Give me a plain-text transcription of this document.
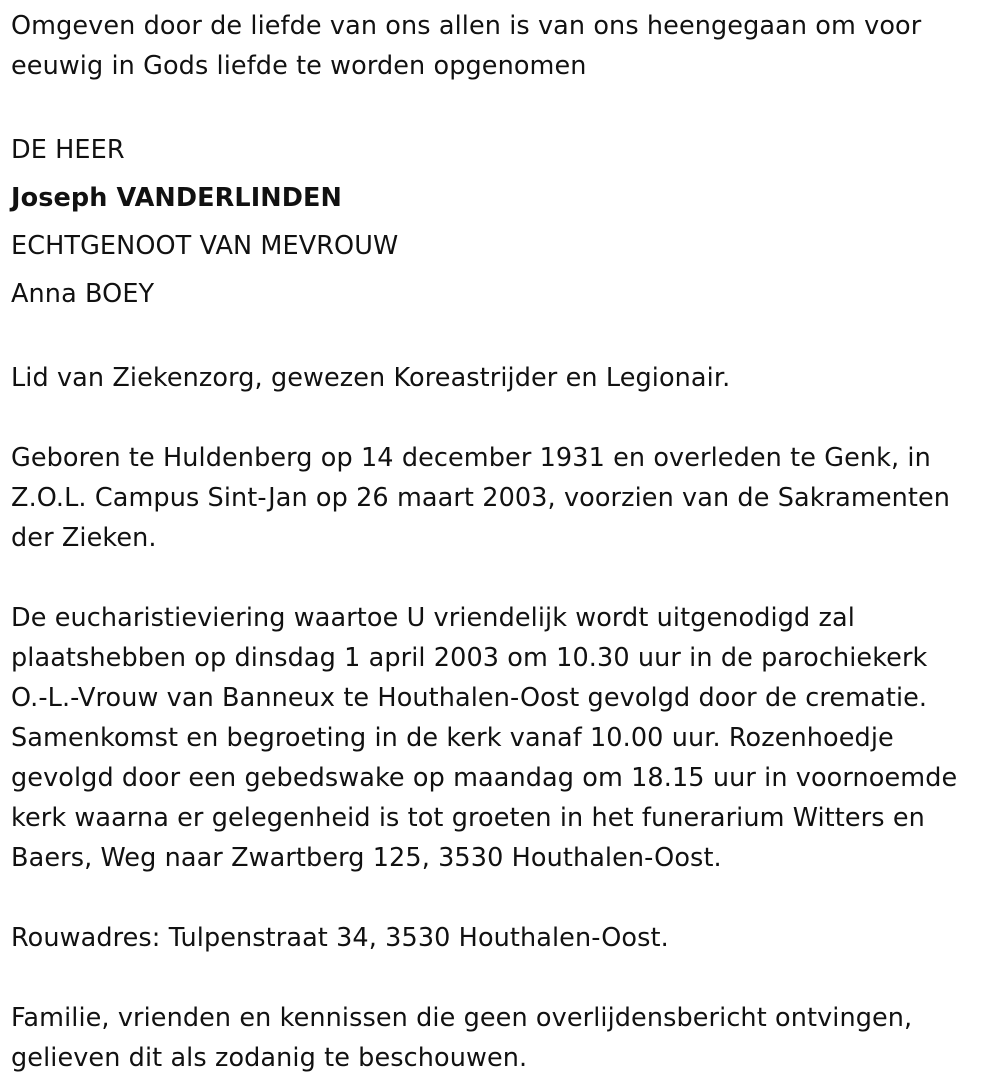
Omgeven door de liefde van ons allen is van ons heengegaan om voor
eeuwig in Gods liefde te worden opgenomen

DE HEER

Joseph VANDERLINDEN

ECHTGENOOT VAN MEVROUW

Anna BOEY

Lid van Ziekenzorg, gewezen Koreastrijder en Legionair.

Geboren te Huldenberg op 14 december 1931 en overleden te Genk, in
Z.O.L. Campus Sint-Jan op 26 maart 2003, voorzien van de Sakramenten
der Zieken.

De eucharistieviering waartoe U vriendelijk wordt uitgenodigd zal
plaatshebben op dinsdag 1 april 2003 om 10.30 uur in de parochiekerk
O.-L.-Vrouw van Banneux te Houthalen-Oost gevolgd door de crematie.
Samenkomst en begroeting in de kerk vanaf 10.00 uur. Rozenhoedje
gevolgd door een gebedswake op maandag om 18.15 uur in voornoemde
kerk waarna er gelegenheid is tot groeten in het funerarium Witters en
Baers, Weg naar Zwartberg 125, 3530 Houthalen-Oost.

Rouwadres: Tulpenstraat 34, 3530 Houthalen-Oost.

Familie, vrienden en kennissen die geen overlijdensbericht ontvingen,
gelieven dit als zodanig te beschouwen.
